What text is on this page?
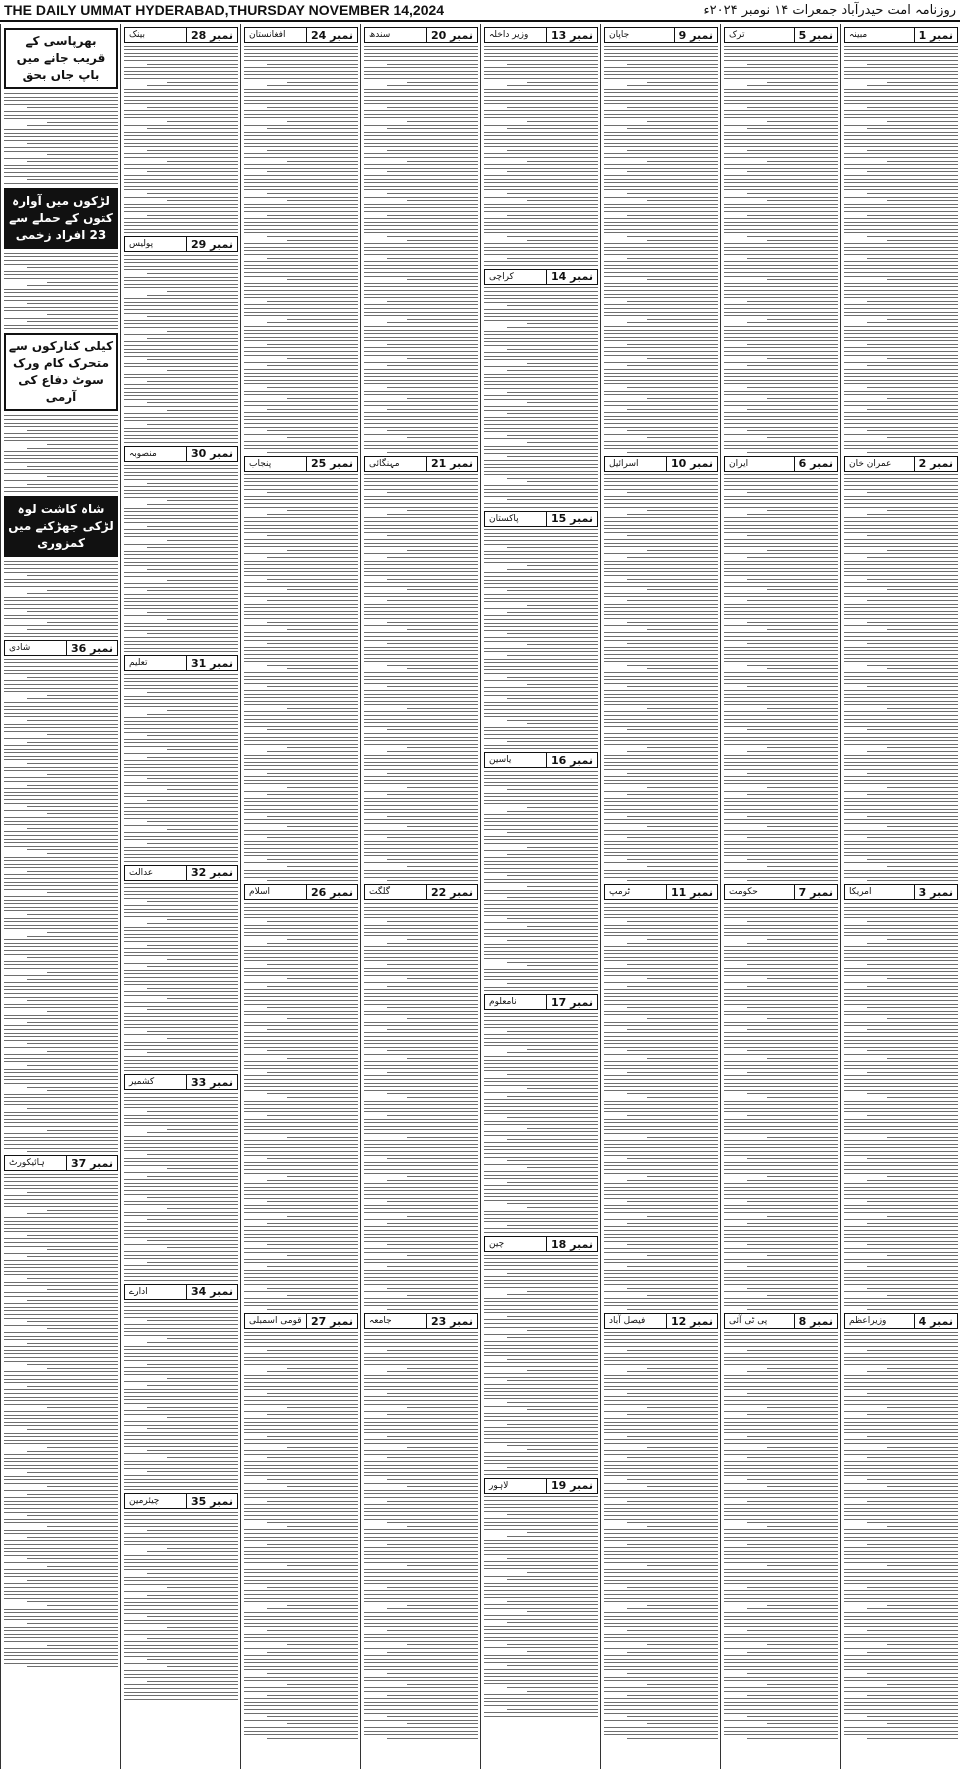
THE DAILY UMMAT HYDERABAD,THURSDAY NOVEMBER 14,2024	روزنامہ امت حیدرآباد جمعرات ۱۴ نومبر ۲۰۲۴ء
نمبر 1
مبینہ
نمبر 2
عمران خان
نمبر 3
امریکا
نمبر 4
وزیراعظم
نمبر 5
ترک
نمبر 6
ایران
نمبر 7
حکومت
نمبر 8
پی ٹی آئی
نمبر 9
جاپان
نمبر 10
اسرائیل
نمبر 11
ٹرمپ
نمبر 12
فیصل آباد
نمبر 13
وزیر داخلہ
نمبر 14
کراچی
نمبر 15
پاکستان
نمبر 16
یاسین
نمبر 17
نامعلوم
نمبر 18
چین
نمبر 19
لاہور
نمبر 20
سندھ
نمبر 21
مہنگائی
نمبر 22
گلگت
نمبر 23
جامعہ
نمبر 24
افغانستان
نمبر 25
پنجاب
نمبر 26
اسلام
نمبر 27
قومی اسمبلی
نمبر 28
بینک
نمبر 29
پولیس
نمبر 30
منصوبہ
نمبر 31
تعلیم
نمبر 32
عدالت
نمبر 33
کشمیر
نمبر 34
ادارے
نمبر 35
چیئرمین
بھرپاسی کے قریب جانے میں باپ جاں بحق
لڑکوں میں آوارہ کتوں کے حملے سے 23 افراد زخمی
کیلی کنارکوں سے متحرک کام ورک سوٹ دفاع کی آرمی
شاہ کاشت لوہ لڑکی جھڑکنے میں کمزوری
نمبر 36
شادی
نمبر 37
ہائیکورٹ
